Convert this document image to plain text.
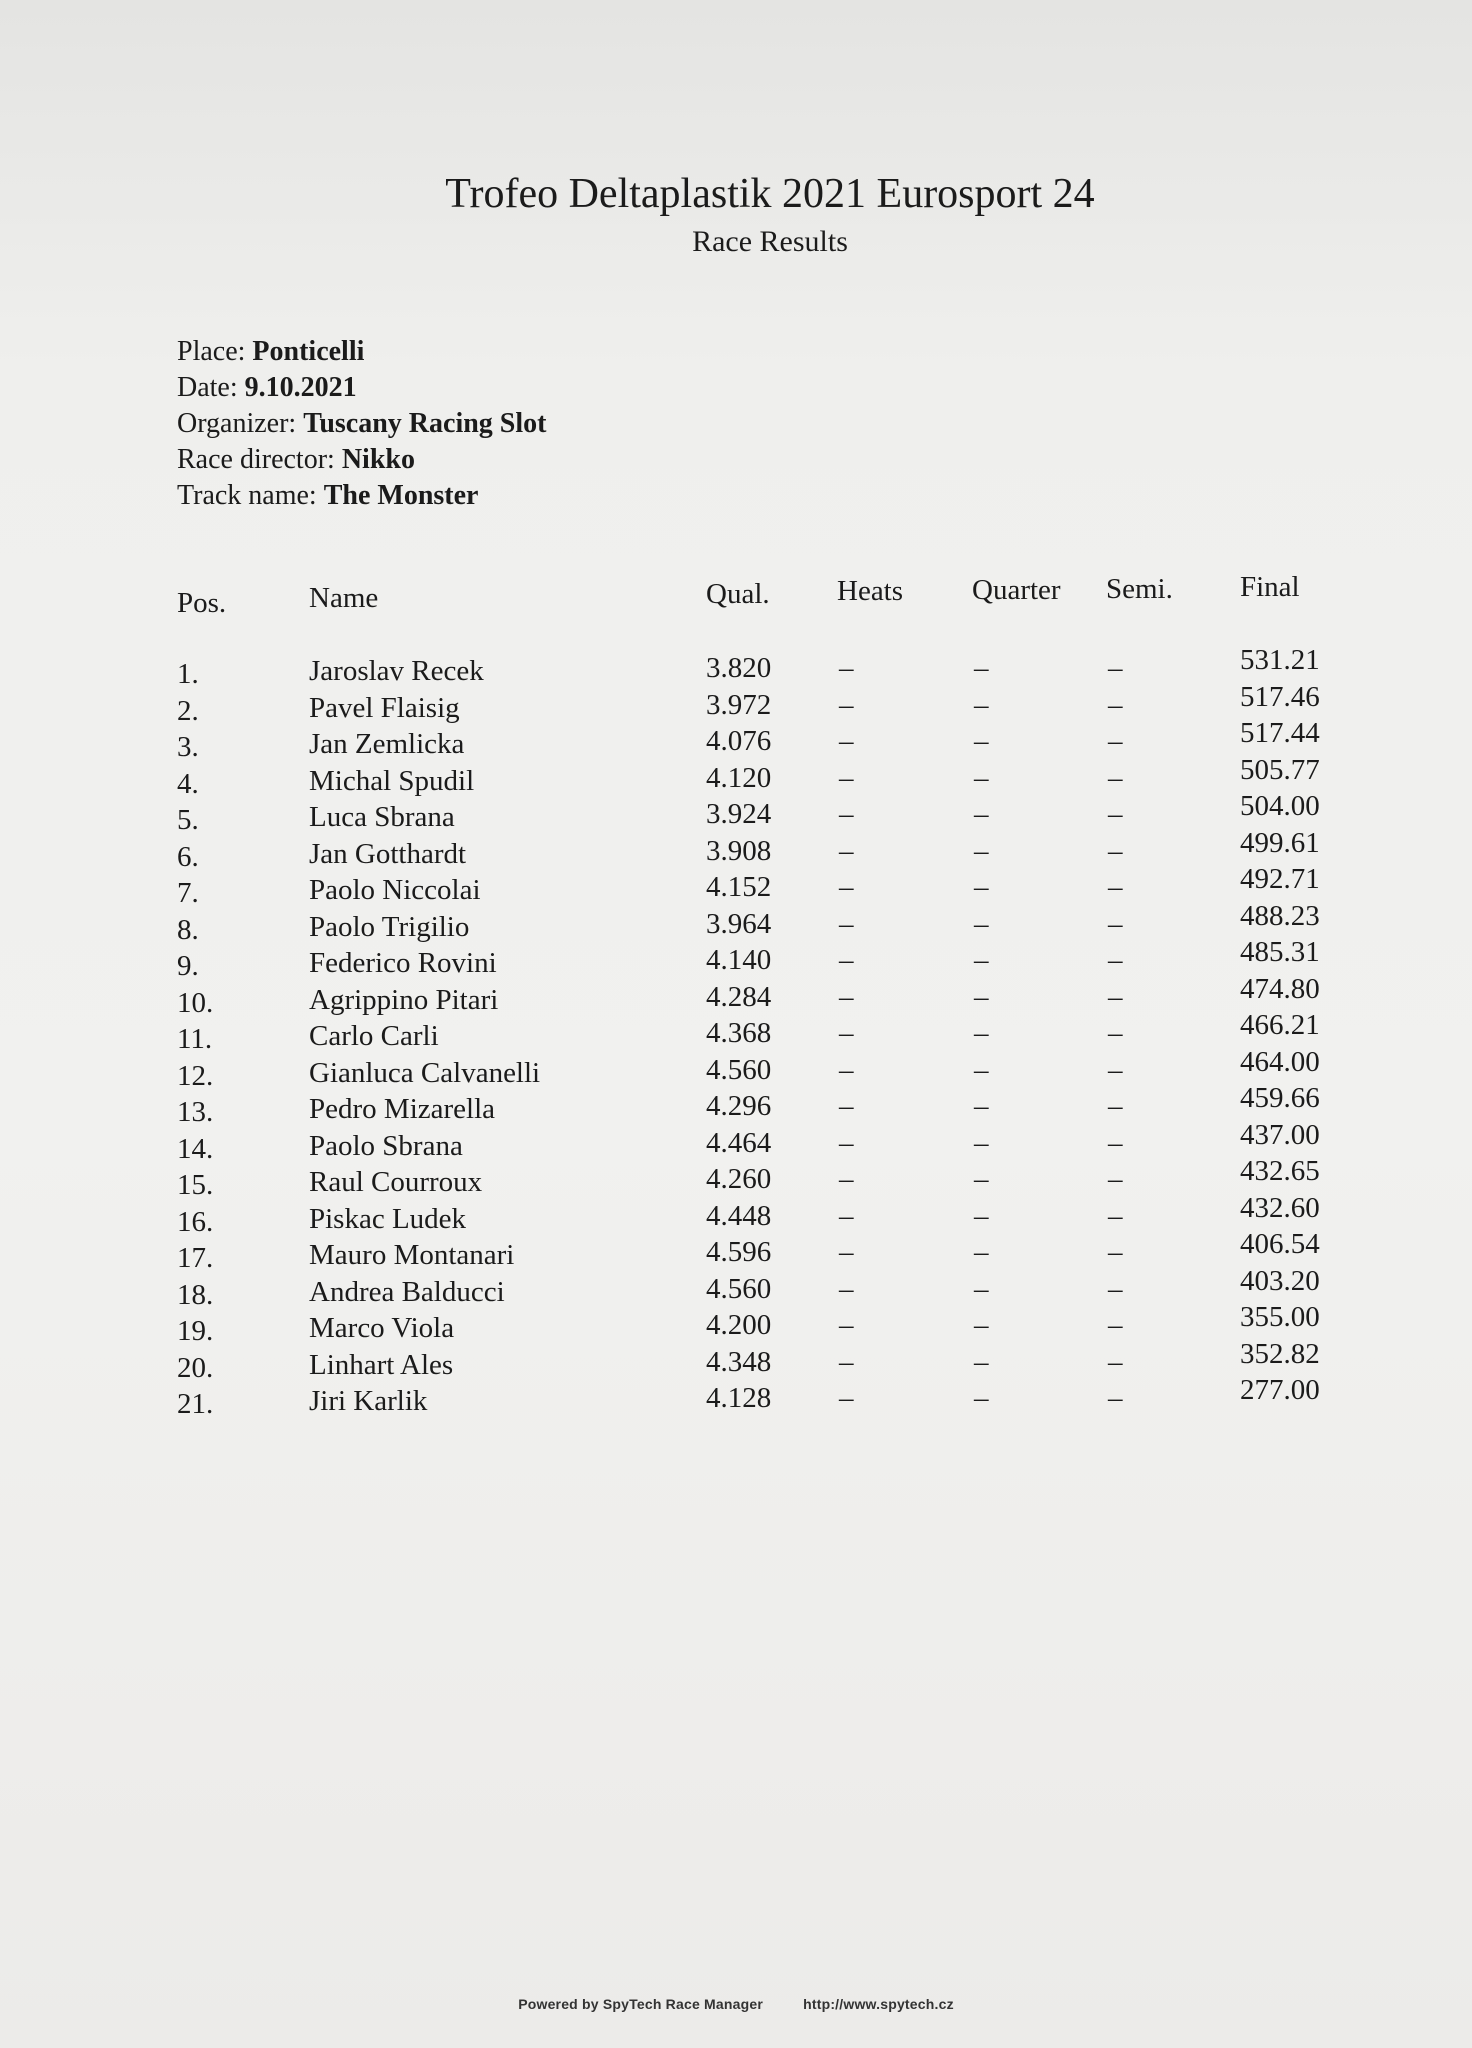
Trofeo Deltaplastik 2021 Eurosport 24
Race Results
Place: Ponticelli
Date: 9.10.2021
Organizer: Tuscany Racing Slot
Race director: Nikko
Track name: The Monster
Pos.	Name	Qual. Heats Quarter Semi. Final
1.	Jaroslav Recek	3.820 –	–	–	531.21
2.	Pavel Flaisig	3.972 –	–	–	517.46
3.	Jan Zemlicka	4.076 –	–	–	517.44
4.	Michal Spudil	4.120 –	–	–	505.77
5.	Luca Sbrana	3.924 –	–	–	504.00
6.	Jan Gotthardt	3.908 –	–	–	499.61
7.	Paolo Niccolai	4.152 –	–	–	492.71
8.	Paolo Trigilio	3.964 –	–	–	488.23
9.	Federico Rovini	4.140 –	–	–	485.31
10.	Agrippino Pitari	4.284 –	–	–	474.80
11.	Carlo Carli	4.368 –	–	–	466.21
12.	Gianluca Calvanelli	4.560 –	–	–	464.00
13.	Pedro Mizarella	4.296 –	–	–	459.66
14.	Paolo Sbrana	4.464 –	–	–	437.00
15.	Raul Courroux	4.260 –	–	–	432.65
16.	Piskac Ludek	4.448 –	–	–	432.60
17.	Mauro Montanari	4.596 –	–	–	406.54
18.	Andrea Balducci	4.560 –	–	–	403.20
19.	Marco Viola	4.200 –	–	–	355.00
20.	Linhart Ales	4.348 –	–	–	352.82
21.	Jiri Karlik	4.128 –	–	–	277.00
Powered by SpyTech Race Manager	http://www.spytech.cz
